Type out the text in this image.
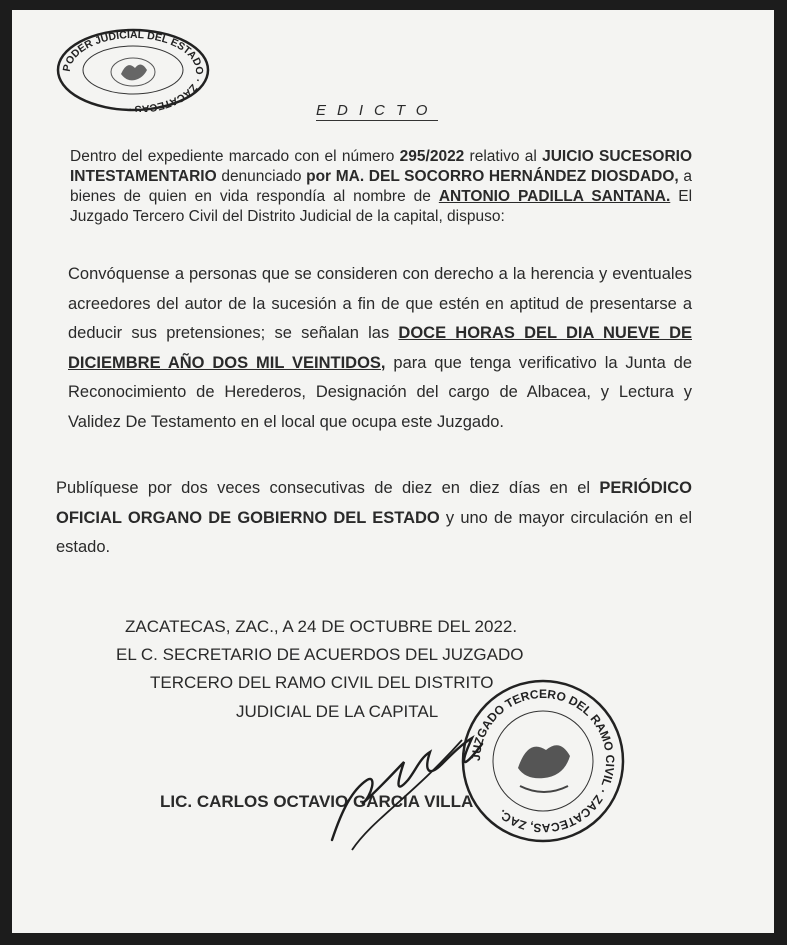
PODER JUDICIAL DEL ESTADO · ZACATECAS ·	EDICTO
Dentro del expediente marcado con el número 295/2022 relativo al JUICIO SUCESORIO INTESTAMENTARIO denunciado por MA. DEL SOCORRO HERNÁNDEZ DIOSDADO, a bienes de quien en vida respondía al nombre de ANTONIO PADILLA SANTANA. El Juzgado Tercero Civil del Distrito Judicial de la capital, dispuso:
Convóquense a personas que se consideren con derecho a la herencia y eventuales acreedores del autor de la sucesión a fin de que estén en aptitud de presentarse a deducir sus pretensiones; se señalan las DOCE HORAS DEL DIA NUEVE DE DICIEMBRE AÑO DOS MIL VEINTIDOS, para que tenga verificativo la Junta de Reconocimiento de Herederos, Designación del cargo de Albacea, y Lectura y Validez De Testamento en el local que ocupa este Juzgado.
Publíquese por dos veces consecutivas de diez en diez días en el PERIÓDICO OFICIAL ORGANO DE GOBIERNO DEL ESTADO y uno de mayor circulación en el estado.
ZACATECAS, ZAC., A 24 DE OCTUBRE DEL 2022.
EL C. SECRETARIO DE ACUERDOS DEL JUZGADO
TERCERO DEL RAMO CIVIL DEL DISTRITO
JUDICIAL DE LA CAPITAL
LIC. CARLOS OCTAVIO GARCIA VILLA
JUZGADO TERCERO DEL RAMO CIVIL · ZACATECAS, ZAC.
